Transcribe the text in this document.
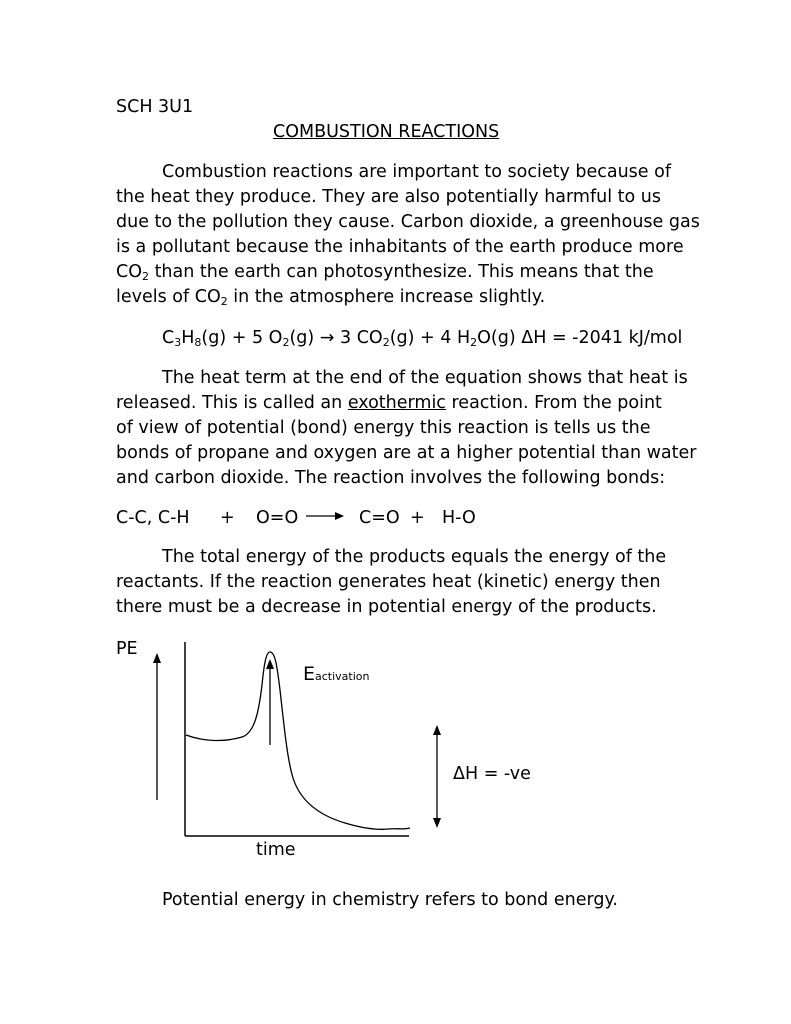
SCH 3U1
COMBUSTION REACTIONS
Combustion reactions are important to society because of
the heat they produce. They are also potentially harmful to us
due to the pollution they cause. Carbon dioxide, a greenhouse gas
is a pollutant because the inhabitants of the earth produce more
$CO_2$ than the earth can photosynthesize. This means that the
levels of $CO_2$ in the atmosphere increase slightly.
$C_3H_8(g) + 5$ $O_2(g) \to 3$ $CO_2(g) + 4$ $H_2O(g) \Delta H = -2041$ kJ/mol
The heat term at the end of the equation shows that heat is
released. This is called an exothermic reaction. From the point
of view of potential (bond) energy this reaction is tells us the
bonds of propane and oxygen are at a higher potential than water
and carbon dioxide. The reaction involves the following bonds:
C-C, C-H + O=O	C=O + H-O
The total energy of the products equals the energy of the
reactants. If the reaction generates heat (kinetic) energy then
there must be a decrease in potential energy of the products.
PE
Eactivation
ΔH = -ve
time
Potential energy in chemistry refers to bond energy.
